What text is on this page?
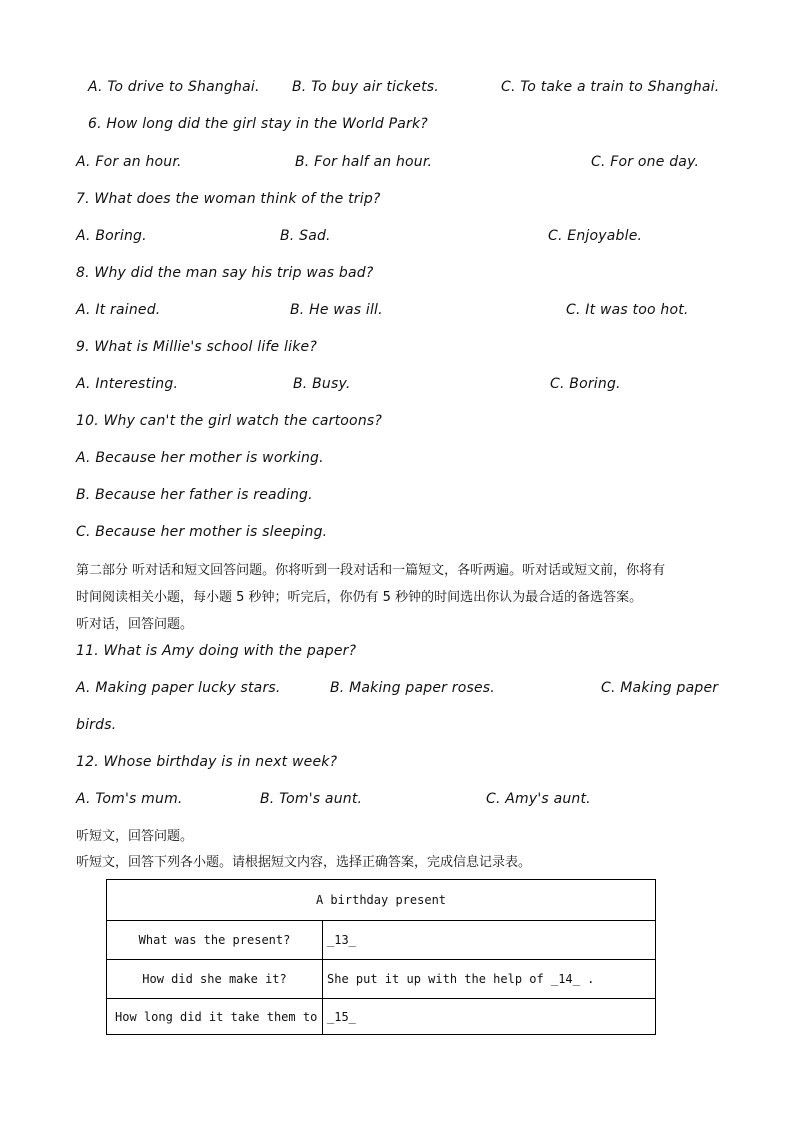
A. To drive to Shanghai. B. To buy air tickets.	C. To take a train to Shanghai.
6. How long did the girl stay in the World Park?
A. For an hour.	B. For half an hour.	C. For one day.
7. What does the woman think of the trip?
A. Boring.	B. Sad.	C. Enjoyable.
8. Why did the man say his trip was bad?
A. It rained.	B. He was ill.	C. It was too hot.
9. What is Millie's school life like?
A. Interesting.	B. Busy.	C. Boring.
10. Why can't the girl watch the cartoons?
A. Because her mother is working.
B. Because her father is reading.
C. Because her mother is sleeping.
第二部分 听对话和短文回答问题。你将听到一段对话和一篇短文，各听两遍。听对话或短文前，你将有
时间阅读相关小题，每小题 5 秒钟；听完后，你仍有 5 秒钟的时间选出你认为最合适的备选答案。
听对话，回答问题。
11. What is Amy doing with the paper?
A. Making paper lucky stars.	B. Making paper roses.	C. Making paper
birds.
12. Whose birthday is in next week?
A. Tom's mum.	B. Tom's aunt.	C. Amy's aunt.
听短文，回答问题。
听短文，回答下列各小题。请根据短文内容，选择正确答案，完成信息记录表。
A birthday present	
What was the present?	_13_
How did she make it?	She put it up with the help of _14_ .
How long did it take them to	_15_
